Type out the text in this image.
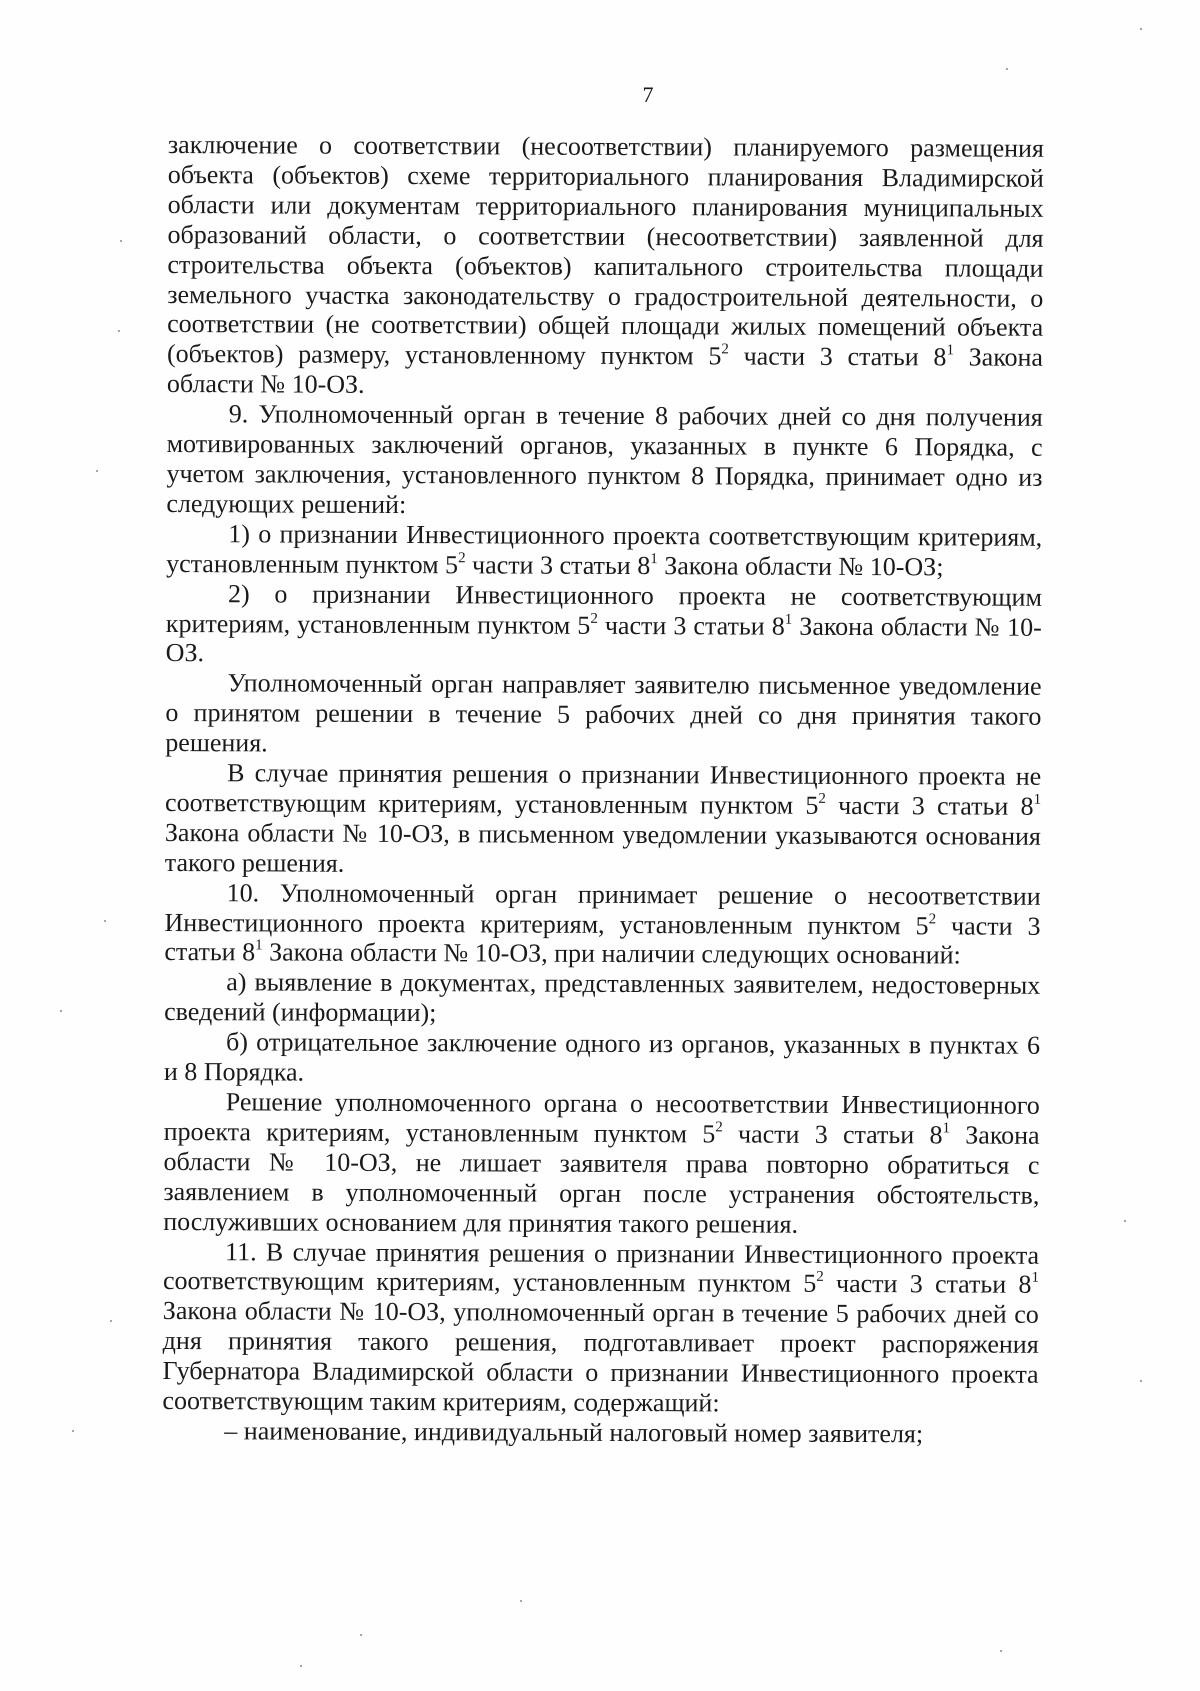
7

заключение о соответствии (несоответствии) планируемого размещения объекта (объектов) схеме территориального планирования Владимирской области или документам территориального планирования муниципальных образований области, о соответствии (несоответствии) заявленной для строительства объекта (объектов) капитального строительства площади земельного участка законодательству о градостроительной деятельности, о соответствии (не соответствии) общей площади жилых помещений объекта (объектов) размеру, установленному пунктом $5^2$ части 3 статьи $8^1$ Закона области № 10-ОЗ.

9. Уполномоченный орган в течение 8 рабочих дней со дня получения мотивированных заключений органов, указанных в пункте 6 Порядка, с учетом заключения, установленного пунктом 8 Порядка, принимает одно из следующих решений:

1) о признании Инвестиционного проекта соответствующим критериям, установленным пунктом $5^2$ части 3 статьи $8^1$ Закона области № 10-ОЗ;

2) о признании Инвестиционного проекта не соответствующим критериям, установленным пунктом $5^2$ части 3 статьи $8^1$ Закона области № 10-ОЗ.

Уполномоченный орган направляет заявителю письменное уведомление о принятом решении в течение 5 рабочих дней со дня принятия такого решения.

В случае принятия решения о признании Инвестиционного проекта не соответствующим критериям, установленным пунктом $5^2$ части 3 статьи $8^1$ Закона области № 10-ОЗ, в письменном уведомлении указываются основания такого решения.

10. Уполномоченный орган принимает решение о несоответствии Инвестиционного проекта критериям, установленным пунктом $5^2$ части 3 статьи $8^1$ Закона области № 10-ОЗ, при наличии следующих оснований:

а) выявление в документах, представленных заявителем, недостоверных сведений (информации);

б) отрицательное заключение одного из органов, указанных в пунктах 6 и 8 Порядка.

Решение уполномоченного органа о несоответствии Инвестиционного проекта критериям, установленным пунктом $5^2$ части 3 статьи $8^1$ Закона области № 10-ОЗ, не лишает заявителя права повторно обратиться с заявлением в уполномоченный орган после устранения обстоятельств, послуживших основанием для принятия такого решения.

11. В случае принятия решения о признании Инвестиционного проекта соответствующим критериям, установленным пунктом $5^2$ части 3 статьи $8^1$ Закона области № 10-ОЗ, уполномоченный орган в течение 5 рабочих дней со дня принятия такого решения, подготавливает проект распоряжения Губернатора Владимирской области о признании Инвестиционного проекта соответствующим таким критериям, содержащий:

– наименование, индивидуальный налоговый номер заявителя;
